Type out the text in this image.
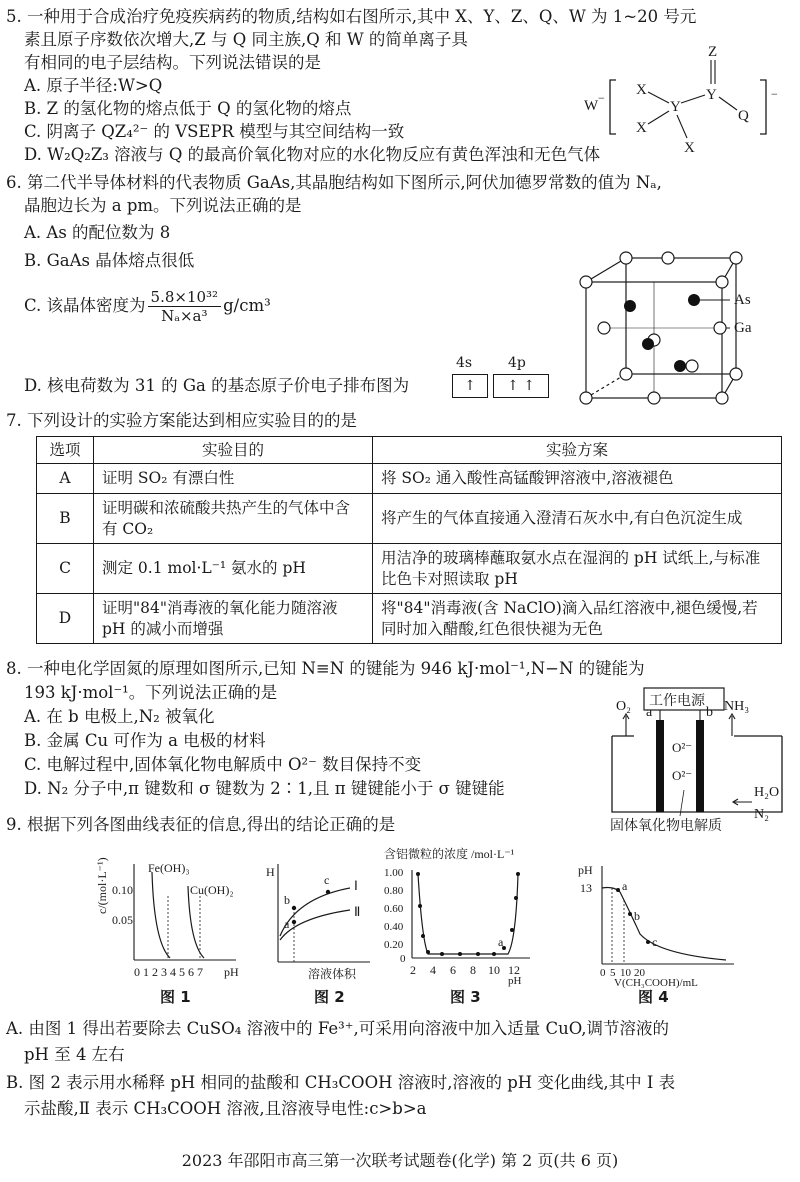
5. 一种用于合成治疗免疫疾病药的物质,结构如右图所示,其中 X、Y、Z、Q、W 为 1~20 号元
素且原子序数依次增大,Z 与 Q 同主族,Q 和 W 的简单离子具
有相同的电子层结构。下列说法错误的是
A. 原子半径:W>Q
B. Z 的氢化物的熔点低于 Q 的氢化物的熔点
C. 阴离子 QZ₄²⁻ 的 VSEPR 模型与其空间结构一致
D. W₂Q₂Z₃ 溶液与 Q 的最高价氧化物对应的水化物反应有黄色浑浊和无色气体
W − X
X
Y
Y
Z
Q
X
−
6. 第二代半导体材料的代表物质 GaAs,其晶胞结构如下图所示,阿伏加德罗常数的值为 Nₐ,
晶胞边长为 a pm。下列说法正确的是
A. As 的配位数为 8
B. GaAs 晶体熔点很低
C. 该晶体密度为 $\frac{\text{5.8×10³²}}{\text{Nₐ×a³}} g/cm^3$
D. 核电荷数为 31 的 Ga 的基态原子价电子排布图为
4s	4p
↑	↑ ↑
As
Ga
7. 下列设计的实验方案能达到相应实验目的的是
选项	实验目的	实验方案
A	证明 SO₂ 有漂白性	将 SO₂ 通入酸性高锰酸钾溶液中,溶液褪色
B	证明碳和浓硫酸共热产生的气体中含有 CO₂	将产生的气体直接通入澄清石灰水中,有白色沉淀生成
C	测定 0.1 mol·L⁻¹ 氨水的 pH	用洁净的玻璃棒蘸取氨水点在湿润的 pH 试纸上,与标准比色卡对照读取 pH
D	证明"84"消毒液的氧化能力随溶液 pH 的减小而增强	将"84"消毒液(含 NaClO)滴入品红溶液中,褪色缓慢,若同时加入醋酸,红色很快褪为无色
8. 一种电化学固氮的原理如图所示,已知 N≡N 的键能为 946 kJ·mol⁻¹,N−N 的键能为
193 kJ·mol⁻¹。下列说法正确的是
A. 在 b 电极上,N₂ 被氧化
B. 金属 Cu 可作为 a 电极的材料
C. 电解过程中,固体氧化物电解质中 O²⁻ 数目保持不变
D. N₂ 分子中,π 键数和 σ 键数为 2∶1,且 π 键键能小于 σ 键键能
工作电源
a	b
O₂	NH₃
O²⁻
O²⁻
H₂O
N₂
固体氧化物电解质
9. 根据下列各图曲线表征的信息,得出的结论正确的是
c/(mol·L⁻¹) 0.10
0.05
Fe(OH)₃
Cu(OH)₂
0 1 2 3 4 5 6 7 pH
图 1
H
b
a
c Ⅰ
Ⅱ
溶液体积
图 2
含铝微粒的浓度 /mol·L⁻¹
1.00
0.80
0.60
0.40
0.20
0
a
2 4 6 8 10 12
pH
图 3
pH
13	a
b
c
0 5 10 20
V(CH₃COOH)/mL
图 4
A. 由图 1 得出若要除去 CuSO₄ 溶液中的 Fe³⁺,可采用向溶液中加入适量 CuO,调节溶液的
pH 至 4 左右
B. 图 2 表示用水稀释 pH 相同的盐酸和 CH₃COOH 溶液时,溶液的 pH 变化曲线,其中 Ⅰ 表
示盐酸,Ⅱ 表示 CH₃COOH 溶液,且溶液导电性:c>b>a
2023 年邵阳市高三第一次联考试题卷(化学) 第 2 页(共 6 页)
